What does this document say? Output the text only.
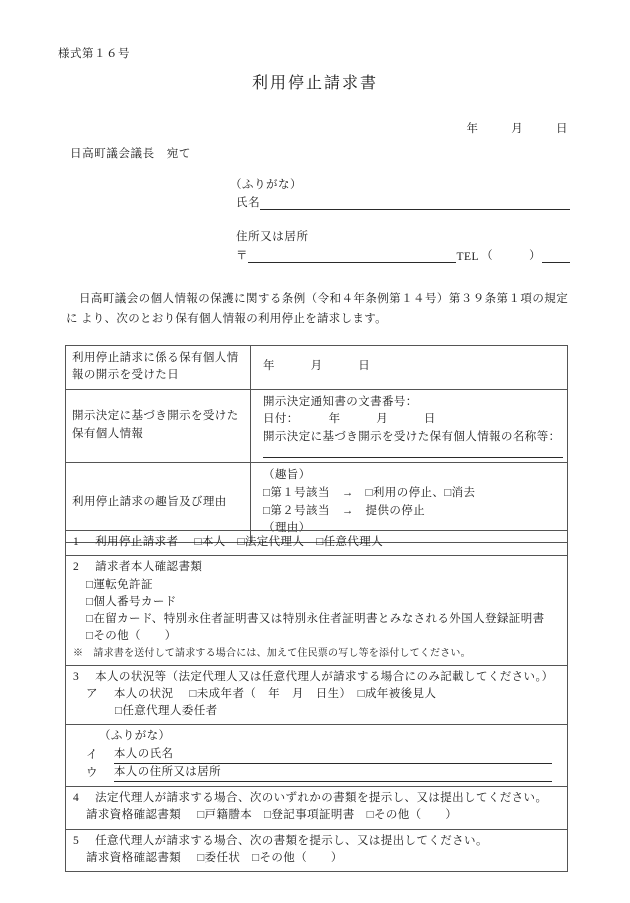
様式第１６号
利用停止請求書
年	月	日
日高町議会議長　宛て
（ふりがな）
氏名
住所又は居所
〒	TEL （　　　）
日高町議会の個人情報の保護に関する条例（令和４年条例第１４号）第３９条第１項の規定に より、次のとおり保有個人情報の利用停止を請求します。
利用停止請求に係る保有個人情報の開示を受けた日	年　　　月　　　日
開示決定に基づき開示を受けた保有個人情報	開示決定通知書の文書番号：
日付：　　　年　　　月　　　日
開示決定に基づき開示を受けた保有個人情報の名称等：

利用停止請求の趣旨及び理由	（趣旨）
□第１号該当　→　□利用の停止、□消去
□第２号該当　→　提供の停止
（理由）
1 利用停止請求者 □本人　□法定代理人　□任意代理人

2 請求者本人確認書類
□運転免許証
□個人番号カード
□在留カード、特別永住者証明書又は特別永住者証明書とみなされる外国人登録証明書
□その他（　　）
※　請求書を送付して請求する場合には、加えて住民票の写し等を添付してください。

3 本人の状況等（法定代理人又は任意代理人が請求する場合にのみ記載してください。）
ア 本人の状況 □未成年者（　年　月　日生）　□成年被後見人
□任意代理人委任者

（ふりがな）
イ 本人の氏名
ウ 本人の住所又は居所

4 法定代理人が請求する場合、次のいずれかの書類を提示し、又は提出してください。
請求資格確認書類 □戸籍謄本　□登記事項証明書　□その他（　　）

5 任意代理人が請求する場合、次の書類を提示し、又は提出してください。
請求資格確認書類 □委任状　□その他（　　）
